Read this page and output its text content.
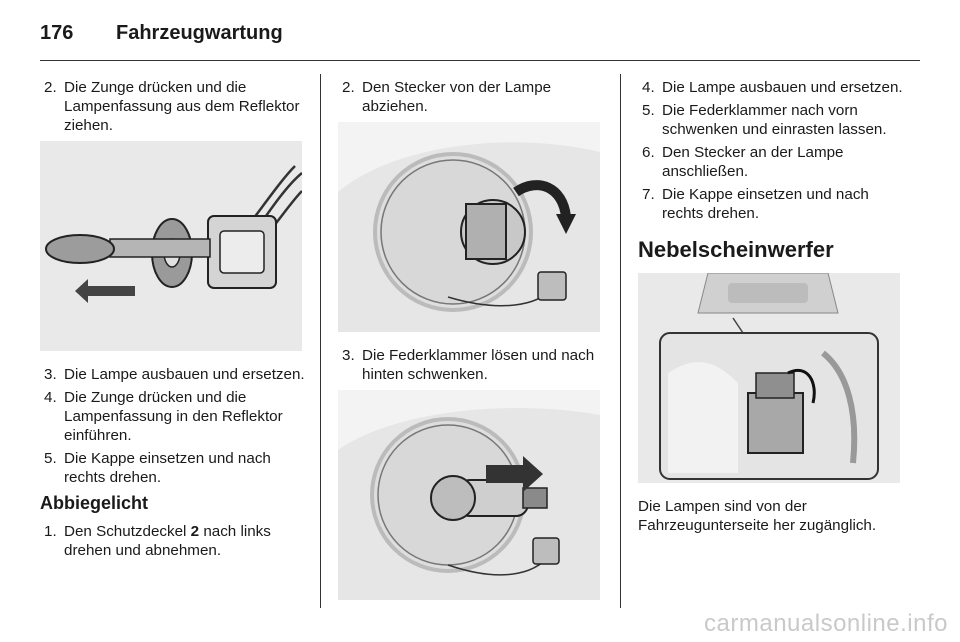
176 Fahrzeugwartung
2. Die Zunge drücken und die Lampenfassung aus dem Reflektor ziehen.
3. Die Lampe ausbauen und ersetzen.
4. Die Zunge drücken und die Lampenfassung in den Reflektor einführen.
5. Die Kappe einsetzen und nach rechts drehen.
Abbiegelicht
1. Den Schutzdeckel 2 nach links drehen und abnehmen.
2. Den Stecker von der Lampe abziehen.
3. Die Federklammer lösen und nach hinten schwenken.
4. Die Lampe ausbauen und ersetzen.
5. Die Federklammer nach vorn schwenken und einrasten lassen.
6. Den Stecker an der Lampe anschließen.
7. Die Kappe einsetzen und nach rechts drehen.
Nebelscheinwerfer

Die Lampen sind von der Fahrzeugunterseite her zugänglich.

carmanualsonline.info
